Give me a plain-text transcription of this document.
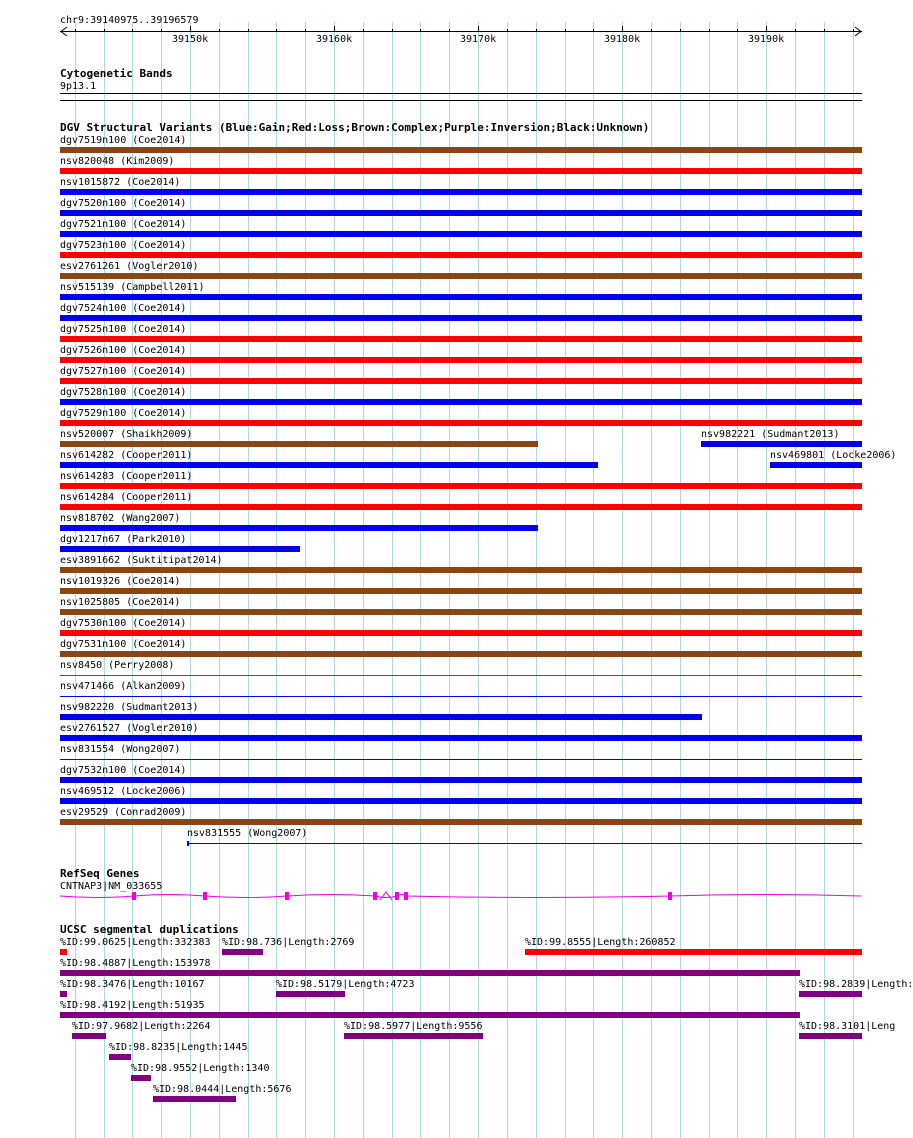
chr9:39140975..39196579
39150k	39160k	39170k	39180k	39190k
Cytogenetic Bands
9p13.1
DGV Structural Variants (Blue:Gain;Red:Loss;Brown:Complex;Purple:Inversion;Black:Unknown)
dgv7519n100 (Coe2014)
nsv820048 (Kim2009)
nsv1015872 (Coe2014)
dgv7520n100 (Coe2014)
dgv7521n100 (Coe2014)
dgv7523n100 (Coe2014)
esv2761261 (Vogler2010)
nsv515139 (Campbell2011)
dgv7524n100 (Coe2014)
dgv7525n100 (Coe2014)
dgv7526n100 (Coe2014)
dgv7527n100 (Coe2014)
dgv7528n100 (Coe2014)
dgv7529n100 (Coe2014)
nsv520007 (Shaikh2009)	nsv982221 (Sudmant2013)
nsv614282 (Cooper2011)	nsv469801 (Locke2006)
nsv614283 (Cooper2011)
nsv614284 (Cooper2011)
nsv818702 (Wang2007)
dgv1217n67 (Park2010)
esv3891662 (Suktitipat2014)
nsv1019326 (Coe2014)
nsv1025805 (Coe2014)
dgv7530n100 (Coe2014)
dgv7531n100 (Coe2014)
nsv8450 (Perry2008)
nsv471466 (Alkan2009)
nsv982220 (Sudmant2013)
esv2761527 (Vogler2010)
nsv831554 (Wong2007)
dgv7532n100 (Coe2014)
nsv469512 (Locke2006)
esv29529 (Conrad2009)
nsv831555 (Wong2007)
RefSeq Genes
CNTNAP3|NM_033655
UCSC segmental duplications
%ID:99.0625|Length:332383 %ID:98.736|Length:2769	%ID:99.8555|Length:260852
%ID:98.4887|Length:153978
%ID:98.3476|Length:10167	%ID:98.5179|Length:4723	%ID:98.2839|Length:
%ID:98.4192|Length:51935
%ID:97.9682|Length:2264	%ID:98.5977|Length:9556	%ID:98.3101|Leng
%ID:98.8235|Length:1445
%ID:98.9552|Length:1340
%ID:98.0444|Length:5676
